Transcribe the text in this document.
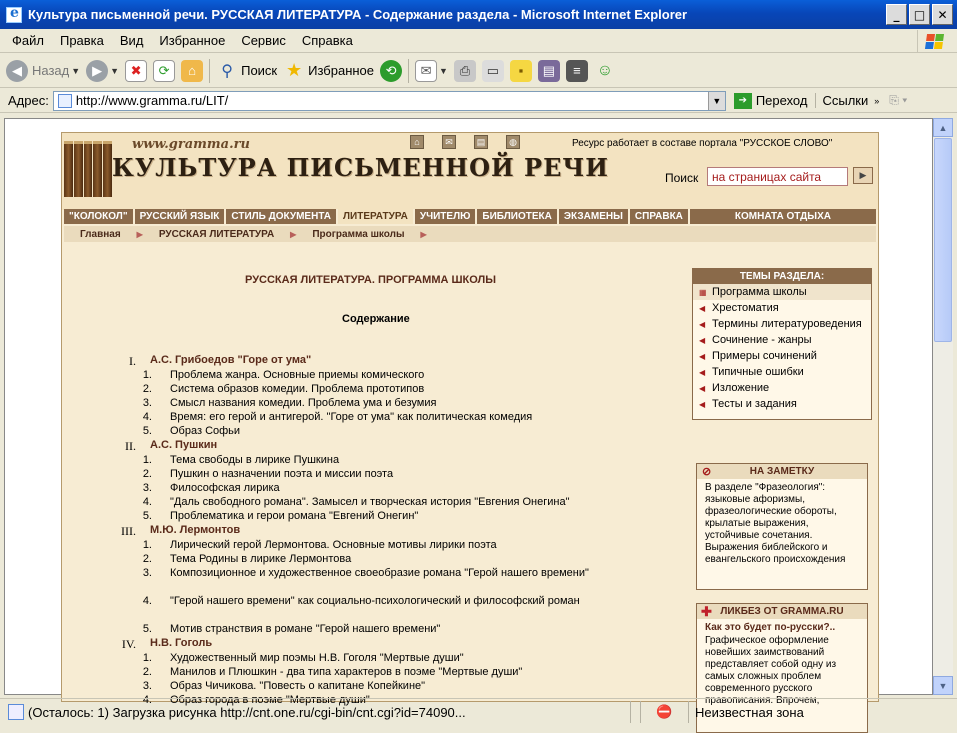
e
Культура письменной речи. РУССКАЯ ЛИТЕРАТУРА - Содержание раздела - Microsoft Internet Explorer	_	□	✕
Файл	Правка	Вид	Избранное	Сервис	Справка
◀ Назад ▼ ▶ ▼ ✖	⟳	⌂	⚲ Поиск ★ Избранное ⟲	✉ ▼ ⎙	▭	▪	▤	≡	☺
Адрес:	http://www.gramma.ru/LIT/	▼	➔ Переход	Ссылки » ⎘ ▾
www.gramma.ru
КУЛЬТУРА ПИСЬМЕННОЙ РЕЧИ
⌂	✉	▤	◍	Ресурс работает в составе портала "РУССКОЕ СЛОВО"
Поиск	на страницах сайта	▶
"КОЛОКОЛ"	РУССКИЙ ЯЗЫК	СТИЛЬ ДОКУМЕНТА	ЛИТЕРАТУРА	УЧИТЕЛЮ	БИБЛИОТЕКА	ЭКЗАМЕНЫ	СПРАВКА	КОМНАТА ОТДЫХА
Главная	▶	РУССКАЯ ЛИТЕРАТУРА	▶	Программа школы	▶
РУССКАЯ ЛИТЕРАТУРА. ПРОГРАММА ШКОЛЫ
Содержание
I. А.С. Грибоедов "Горе от ума"
1. Проблема жанра. Основные приемы комического
2. Система образов комедии. Проблема прототипов
3. Смысл названия комедии. Проблема ума и безумия
4. Время: его герой и антигерой. "Горе от ума" как политическая комедия
5. Образ Софьи
II. А.С. Пушкин
1. Тема свободы в лирике Пушкина
2. Пушкин о назначении поэта и миссии поэта
3. Философская лирика
4. "Даль свободного романа". Замысел и творческая история "Евгения Онегина"
5. Проблематика и герои романа "Евгений Онегин"
III. М.Ю. Лермонтов
1. Лирический герой Лермонтова. Основные мотивы лирики поэта
2. Тема Родины в лирике Лермонтова
3. Композиционное и художественное своеобразие романа "Герой нашего времени"
4. "Герой нашего времени" как социально-психологический и философский роман
5. Мотив странствия в романе "Герой нашего времени"
IV. Н.В. Гоголь
1. Художественный мир поэмы Н.В. Гоголя "Мертвые души"
2. Манилов и Плюшкин - два типа характеров в поэме "Мертвые души"
3. Образ Чичикова. "Повесть о капитане Копейкине"
4. Образ города в поэме "Мертвые души"
ТЕМЫ РАЗДЕЛА:
▦ Программа школы
◀ Хрестоматия
◀ Термины литературоведения
◀ Сочинение - жанры
◀ Примеры сочинений
◀ Типичные ошибки
◀ Изложение
◀ Тесты и задания
⊘	НА ЗАМЕТКУ
В разделе "Фразеология": языковые афоризмы, фразеологические обороты, крылатые выражения, устойчивые сочетания. Выражения библейского и евангельского происхождения
✚ ЛИКБЕЗ ОТ GRAMMA.RU
Как это будет по-русски?..
Графическое оформление новейших заимствований представляет собой одну из самых сложных проблем современного русского правописания. Впрочем,
▲
▼
(Осталось: 1) Загрузка рисунка http://cnt.one.ru/cgi-bin/cnt.cgi?id=74090...	⛔ Неизвестная зона
